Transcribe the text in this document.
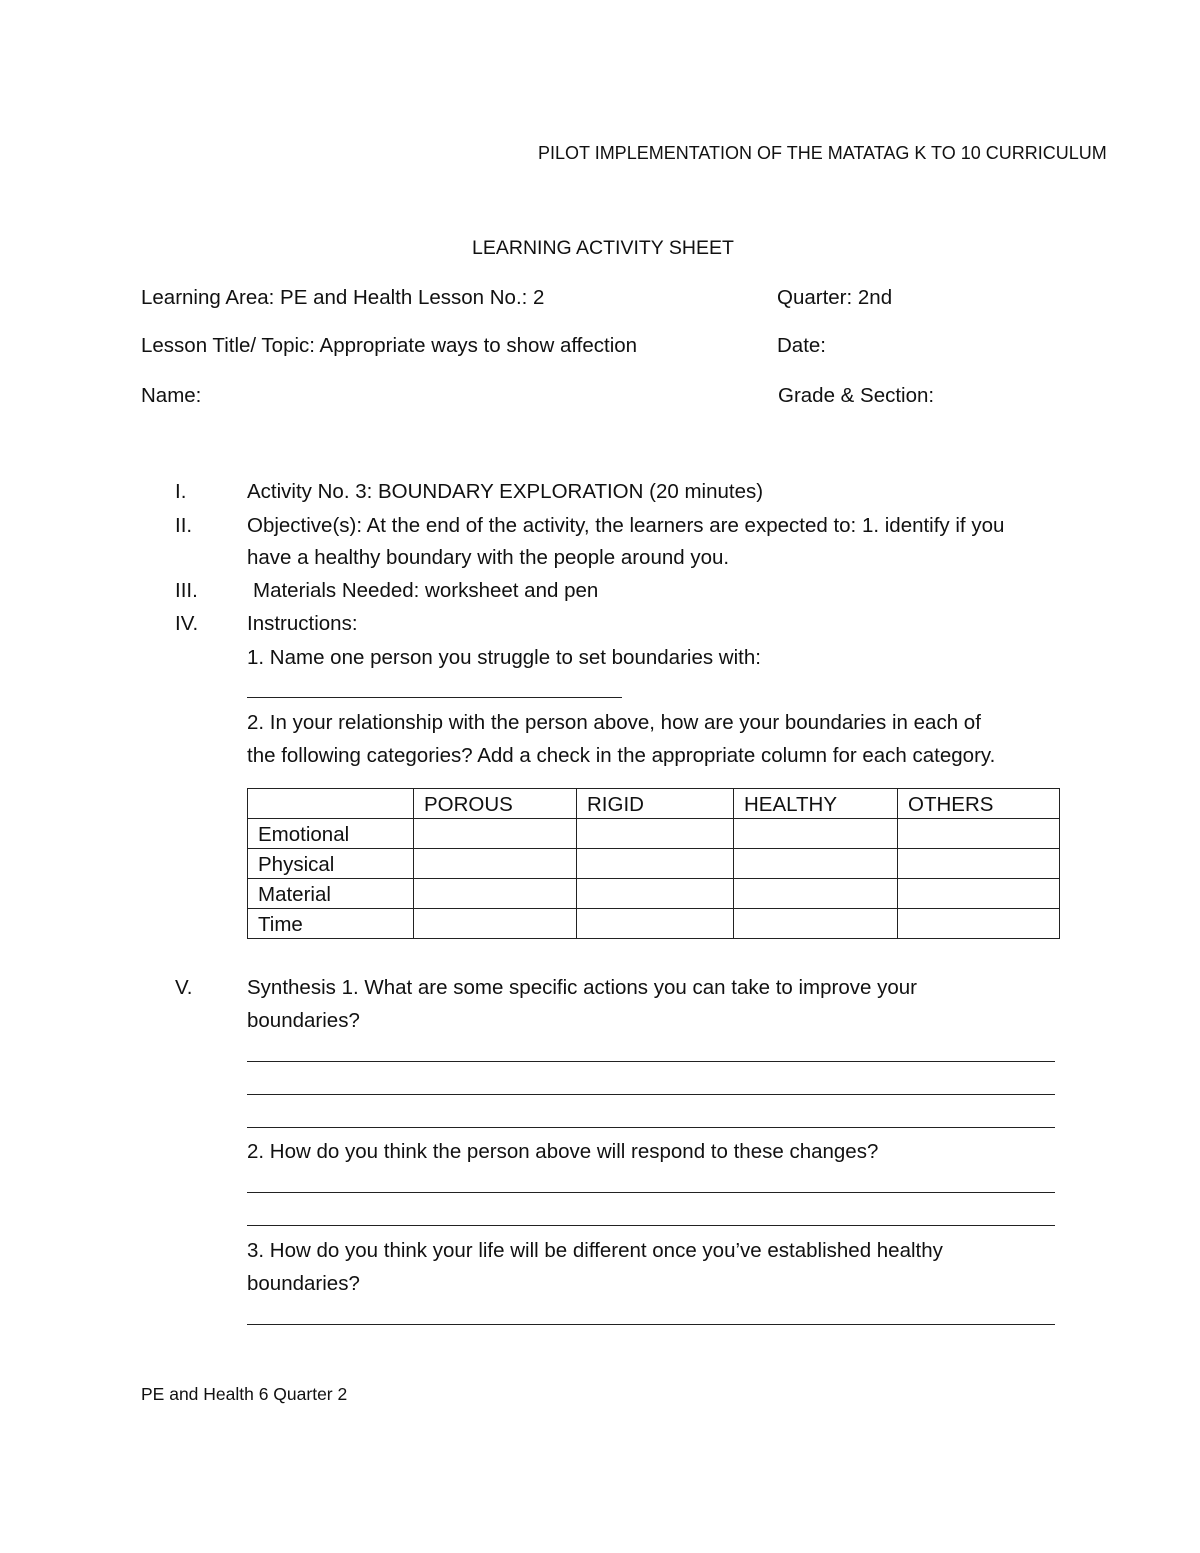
PILOT IMPLEMENTATION OF THE MATATAG K TO 10 CURRICULUM
LEARNING ACTIVITY SHEET
Learning Area: PE and Health Lesson No.: 2	Quarter: 2nd
Lesson Title/ Topic: Appropriate ways to show affection	Date:
Name:	Grade & Section:
I.	Activity No. 3: BOUNDARY EXPLORATION (20 minutes)
II.	Objective(s): At the end of the activity, the learners are expected to: 1. identify if you
have a healthy boundary with the people around you.
III.	Materials Needed: worksheet and pen
IV. Instructions:
1. Name one person you struggle to set boundaries with:
2. In your relationship with the person above, how are your boundaries in each of
the following categories? Add a check in the appropriate column for each category.
	POROUS	RIGID	HEALTHY	OTHERS
Emotional				
Physical				
Material				
Time				
V.	Synthesis 1. What are some specific actions you can take to improve your
boundaries?
2. How do you think the person above will respond to these changes?
3. How do you think your life will be different once you’ve established healthy
boundaries?
PE and Health 6 Quarter 2
